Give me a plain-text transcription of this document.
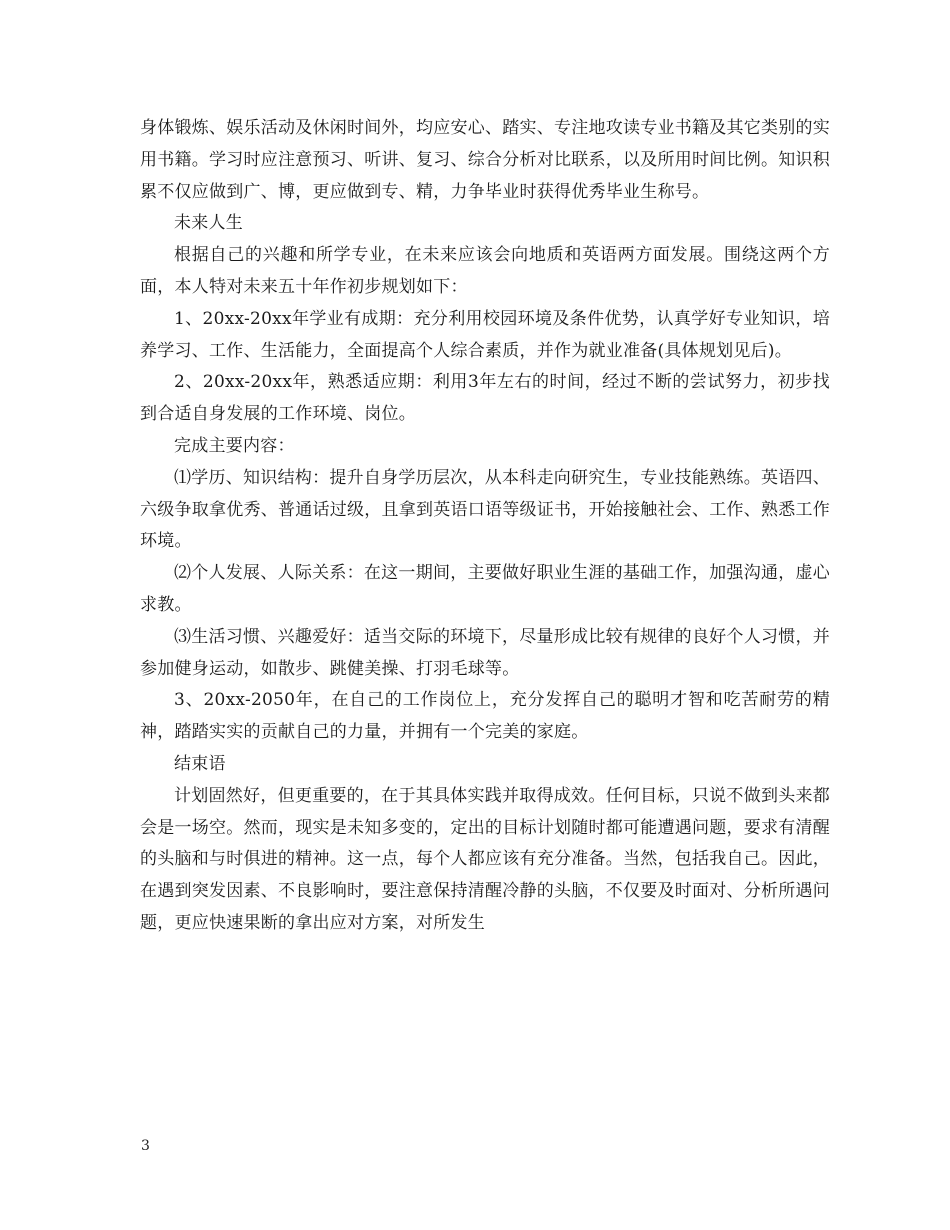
身体锻炼、娱乐活动及休闲时间外，均应安心、踏实、专注地攻读专业书籍及其它类别的实用书籍。学习时应注意预习、听讲、复习、综合分析对比联系，以及所用时间比例。知识积累不仅应做到广、博，更应做到专、精，力争毕业时获得优秀毕业生称号。

未来人生

根据自己的兴趣和所学专业，在未来应该会向地质和英语两方面发展。围绕这两个方面，本人特对未来五十年作初步规划如下：

1、20xx-20xx年学业有成期：充分利用校园环境及条件优势，认真学好专业知识，培养学习、工作、生活能力，全面提高个人综合素质，并作为就业准备(具体规划见后)。

2、20xx-20xx年，熟悉适应期：利用3年左右的时间，经过不断的尝试努力，初步找到合适自身发展的工作环境、岗位。

完成主要内容：

⑴学历、知识结构：提升自身学历层次，从本科走向研究生，专业技能熟练。英语四、六级争取拿优秀、普通话过级，且拿到英语口语等级证书，开始接触社会、工作、熟悉工作环境。

⑵个人发展、人际关系：在这一期间，主要做好职业生涯的基础工作，加强沟通，虚心求教。

⑶生活习惯、兴趣爱好：适当交际的环境下，尽量形成比较有规律的良好个人习惯，并参加健身运动，如散步、跳健美操、打羽毛球等。

3、20xx-2050年，在自己的工作岗位上，充分发挥自己的聪明才智和吃苦耐劳的精神，踏踏实实的贡献自己的力量，并拥有一个完美的家庭。

结束语

计划固然好，但更重要的，在于其具体实践并取得成效。任何目标，只说不做到头来都会是一场空。然而，现实是未知多变的，定出的目标计划随时都可能遭遇问题，要求有清醒的头脑和与时俱进的精神。这一点，每个人都应该有充分准备。当然，包括我自己。因此，在遇到突发因素、不良影响时，要注意保持清醒冷静的头脑，不仅要及时面对、分析所遇问题，更应快速果断的拿出应对方案，对所发生

3
